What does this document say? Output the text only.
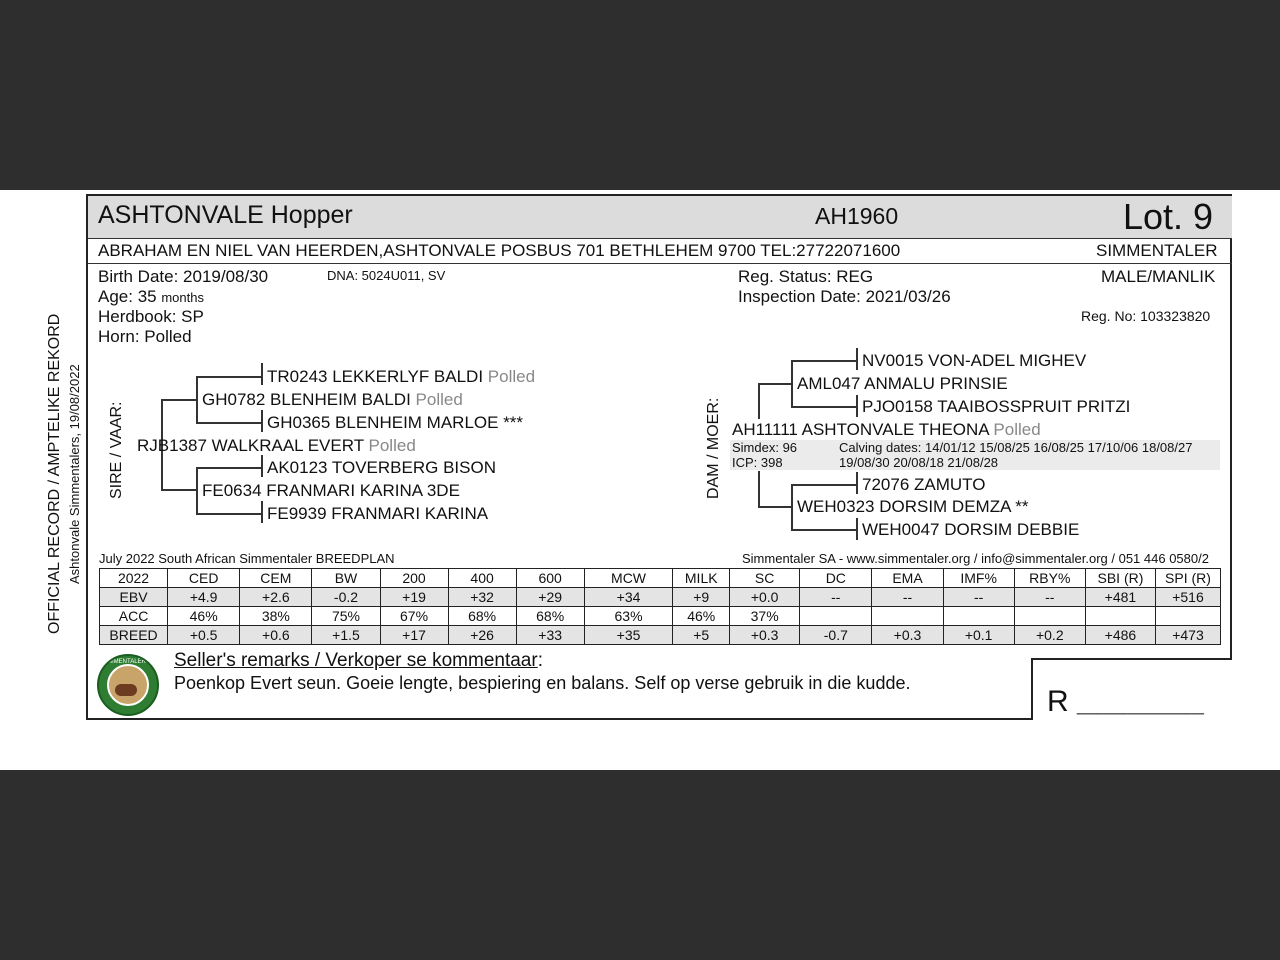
ASHTONVALE Hopper	AH1960	Lot. 9
ABRAHAM EN NIEL VAN HEERDEN,ASHTONVALE POSBUS 701 BETHLEHEM 9700 TEL:27722071600	SIMMENTALER
Birth Date: 2019/08/30	DNA: 5024U011, SV
Age: 35 months
Herdbook: SP
Horn: Polled
Reg. Status: REG
Inspection Date: 2021/03/26
MALE/MANLIK
Reg. No: 103323820
OFFICIAL RECORD / AMPTELIKE REKORD Ashtonvale Simmentalers, 19/08/2022 SIRE / VAAR:
TR0243 LEKKERLYF BALDI Polled
GH0782 BLENHEIM BALDI Polled
GH0365 BLENHEIM MARLOE ***
RJB1387 WALKRAAL EVERT Polled
AK0123 TOVERBERG BISON
FE0634 FRANMARI KARINA 3DE
FE9939 FRANMARI KARINA
DAM / MOER:
NV0015 VON-ADEL MIGHEV
AML047 ANMALU PRINSIE
PJO0158 TAAIBOSSPRUIT PRITZI
AH11111 ASHTONVALE THEONA Polled
Simdex: 96
ICP: 398
Calving dates: 14/01/12 15/08/25 16/08/25 17/10/06 18/08/27
19/08/30 20/08/18 21/08/28
72076 ZAMUTO
WEH0323 DORSIM DEMZA **
WEH0047 DORSIM DEBBIE
July 2022 South African Simmentaler BREEDPLAN	Simmentaler SA - www.simmentaler.org / info@simmentaler.org / 051 446 0580/2
2022	CED	CEM	BW	200	400	600	MCW	MILK	SC	DC	EMA	IMF%	RBY%	SBI (R)	SPI (R)
EBV	+4.9	+2.6	-0.2	+19	+32	+29	+34	+9	+0.0	--	--	--	--	+481	+516
ACC	46%	38%	75%	67%	68%	68%	63%	46%	37%						
BREED	+0.5	+0.6	+1.5	+17	+26	+33	+35	+5	+0.3	-0.7	+0.3	+0.1	+0.2	+486	+473
SIMMENTALER Seller's remarks / Verkoper se kommentaar:
Poenkop Evert seun. Goeie lengte, bespiering en balans. Self op verse gebruik in die kudde.
R __________
